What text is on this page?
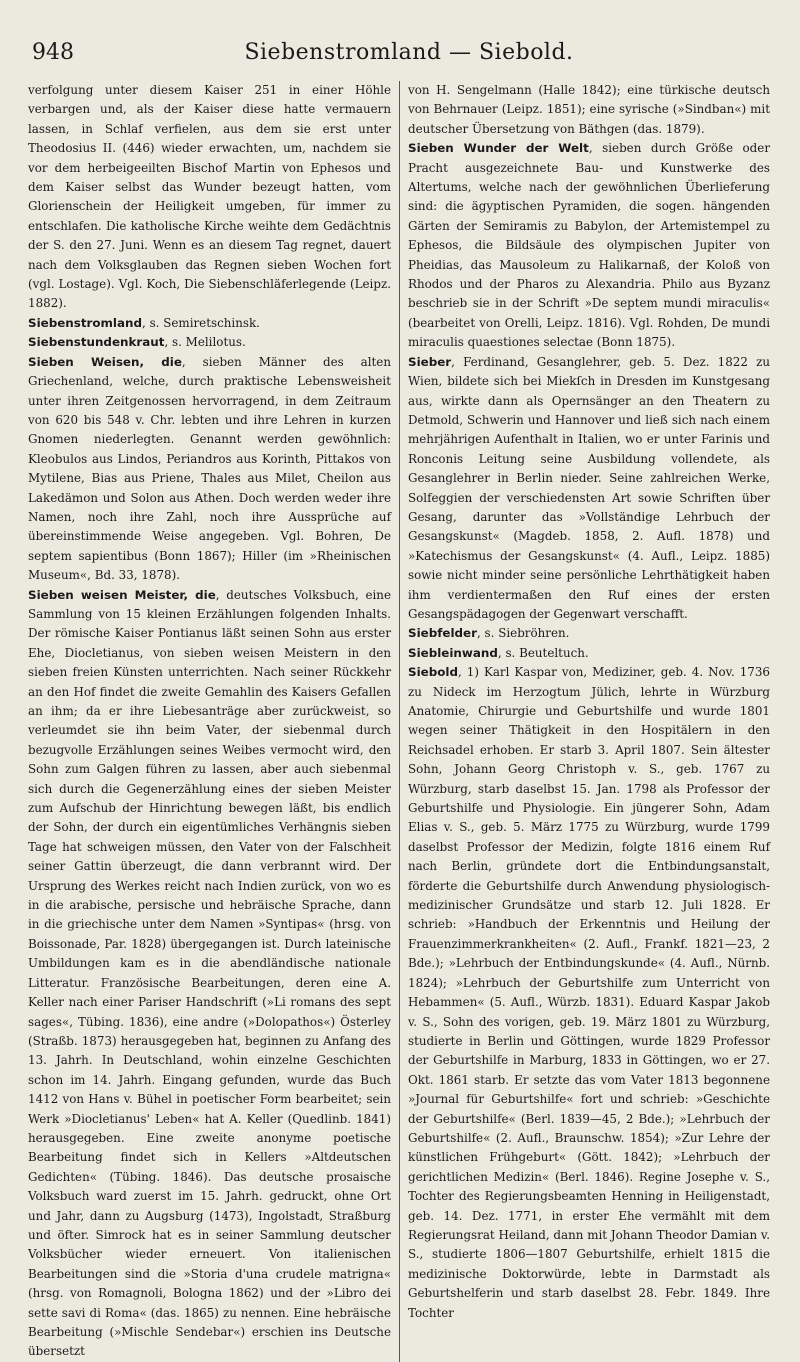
948	Siebenstromland — Siebold.

verfolgung unter diesem Kaiser 251 in einer Höhle verbargen und, als der Kaiser diese hatte vermauern lassen, in Schlaf verfielen, aus dem sie erst unter Theodosius II. (446) wieder erwachten, um, nachdem sie vor dem herbeigeeilten Bischof Martin von Ephesos und dem Kaiser selbst das Wunder bezeugt hatten, vom Glorienschein der Heiligkeit umgeben, für immer zu entschlafen. Die katholische Kirche weihte dem Gedächtnis der S. den 27. Juni. Wenn es an diesem Tag regnet, dauert nach dem Volksglauben das Regnen sieben Wochen fort (vgl. Lostage). Vgl. Koch, Die Siebenschläferlegende (Leipz. 1882).

Siebenstromland, s. Semiretschinsk.

Siebenstundenkraut, s. Melilotus.

Sieben Weisen, die, sieben Männer des alten Griechenland, welche, durch praktische Lebensweisheit unter ihren Zeitgenossen hervorragend, in dem Zeitraum von 620 bis 548 v. Chr. lebten und ihre Lehren in kurzen Gnomen niederlegten. Genannt werden gewöhnlich: Kleobulos aus Lindos, Periandros aus Korinth, Pittakos von Mytilene, Bias aus Priene, Thales aus Milet, Cheilon aus Lakedämon und Solon aus Athen. Doch werden weder ihre Namen, noch ihre Zahl, noch ihre Aussprüche auf übereinstimmende Weise angegeben. Vgl. Bohren, De septem sapientibus (Bonn 1867); Hiller (im »Rheinischen Museum«, Bd. 33, 1878).

Sieben weisen Meister, die, deutsches Volksbuch, eine Sammlung von 15 kleinen Erzählungen folgenden Inhalts. Der römische Kaiser Pontianus läßt seinen Sohn aus erster Ehe, Diocletianus, von sieben weisen Meistern in den sieben freien Künsten unterrichten. Nach seiner Rückkehr an den Hof findet die zweite Gemahlin des Kaisers Gefallen an ihm; da er ihre Liebesanträge aber zurückweist, so verleumdet sie ihn beim Vater, der siebenmal durch bezugvolle Erzählungen seines Weibes vermocht wird, den Sohn zum Galgen führen zu lassen, aber auch siebenmal sich durch die Gegenerzählung eines der sieben Meister zum Aufschub der Hinrichtung bewegen läßt, bis endlich der Sohn, der durch ein eigentümliches Verhängnis sieben Tage hat schweigen müssen, den Vater von der Falschheit seiner Gattin überzeugt, die dann verbrannt wird. Der Ursprung des Werkes reicht nach Indien zurück, von wo es in die arabische, persische und hebräische Sprache, dann in die griechische unter dem Namen »Syntipas« (hrsg. von Boissonade, Par. 1828) übergegangen ist. Durch lateinische Umbildungen kam es in die abendländische nationale Litteratur. Französische Bearbeitungen, deren eine A. Keller nach einer Pariser Handschrift (»Li romans des sept sages«, Tübing. 1836), eine andre (»Dolopathos«) Österley (Straßb. 1873) herausgegeben hat, beginnen zu Anfang des 13. Jahrh. In Deutschland, wohin einzelne Geschichten schon im 14. Jahrh. Eingang gefunden, wurde das Buch 1412 von Hans v. Bühel in poetischer Form bearbeitet; sein Werk »Diocletianus' Leben« hat A. Keller (Quedlinb. 1841) herausgegeben. Eine zweite anonyme poetische Bearbeitung findet sich in Kellers »Altdeutschen Gedichten« (Tübing. 1846). Das deutsche prosaische Volksbuch ward zuerst im 15. Jahrh. gedruckt, ohne Ort und Jahr, dann zu Augsburg (1473), Ingolstadt, Straßburg und öfter. Simrock hat es in seiner Sammlung deutscher Volksbücher wieder erneuert. Von italienischen Bearbeitungen sind die »Storia d'una crudele matrigna« (hrsg. von Romagnoli, Bologna 1862) und der »Libro dei sette savi di Roma« (das. 1865) zu nennen. Eine hebräische Bearbeitung (»Mischle Sendebar«) erschien ins Deutsche übersetzt

von H. Sengelmann (Halle 1842); eine türkische deutsch von Behrnauer (Leipz. 1851); eine syrische (»Sindban«) mit deutscher Übersetzung von Bäthgen (das. 1879).

Sieben Wunder der Welt, sieben durch Größe oder Pracht ausgezeichnete Bau- und Kunstwerke des Altertums, welche nach der gewöhnlichen Überlieferung sind: die ägyptischen Pyramiden, die sogen. hängenden Gärten der Semiramis zu Babylon, der Artemistempel zu Ephesos, die Bildsäule des olympischen Jupiter von Pheidias, das Mausoleum zu Halikarnaß, der Koloß von Rhodos und der Pharos zu Alexandria. Philo aus Byzanz beschrieb sie in der Schrift »De septem mundi miraculis« (bearbeitet von Orelli, Leipz. 1816). Vgl. Rohden, De mundi miraculis quaestiones selectae (Bonn 1875).

Sieber, Ferdinand, Gesanglehrer, geb. 5. Dez. 1822 zu Wien, bildete sich bei Miekſch in Dresden im Kunstgesang aus, wirkte dann als Opernsänger an den Theatern zu Detmold, Schwerin und Hannover und ließ sich nach einem mehrjährigen Aufenthalt in Italien, wo er unter Farinis und Ronconis Leitung seine Ausbildung vollendete, als Gesanglehrer in Berlin nieder. Seine zahlreichen Werke, Solfeggien der verschiedensten Art sowie Schriften über Gesang, darunter das »Vollständige Lehrbuch der Gesangskunst« (Magdeb. 1858, 2. Aufl. 1878) und »Katechismus der Gesangskunst« (4. Aufl., Leipz. 1885) sowie nicht minder seine persönliche Lehrthätigkeit haben ihm verdientermaßen den Ruf eines der ersten Gesangspädagogen der Gegenwart verschafft.

Siebfelder, s. Siebröhren.

Siebleinwand, s. Beuteltuch.

Siebold, 1) Karl Kaspar von, Mediziner, geb. 4. Nov. 1736 zu Nideck im Herzogtum Jülich, lehrte in Würzburg Anatomie, Chirurgie und Geburtshilfe und wurde 1801 wegen seiner Thätigkeit in den Hospitälern in den Reichsadel erhoben. Er starb 3. April 1807. Sein ältester Sohn, Johann Georg Christoph v. S., geb. 1767 zu Würzburg, starb daselbst 15. Jan. 1798 als Professor der Geburtshilfe und Physiologie. Ein jüngerer Sohn, Adam Elias v. S., geb. 5. März 1775 zu Würzburg, wurde 1799 daselbst Professor der Medizin, folgte 1816 einem Ruf nach Berlin, gründete dort die Entbindungsanstalt, förderte die Geburtshilfe durch Anwendung physiologisch-medizinischer Grundsätze und starb 12. Juli 1828. Er schrieb: »Handbuch der Erkenntnis und Heilung der Frauenzimmerkrankheiten« (2. Aufl., Frankf. 1821—23, 2 Bde.); »Lehrbuch der Entbindungskunde« (4. Aufl., Nürnb. 1824); »Lehrbuch der Geburtshilfe zum Unterricht von Hebammen« (5. Aufl., Würzb. 1831). Eduard Kaspar Jakob v. S., Sohn des vorigen, geb. 19. März 1801 zu Würzburg, studierte in Berlin und Göttingen, wurde 1829 Professor der Geburtshilfe in Marburg, 1833 in Göttingen, wo er 27. Okt. 1861 starb. Er setzte das vom Vater 1813 begonnene »Journal für Geburtshilfe« fort und schrieb: »Geschichte der Geburtshilfe« (Berl. 1839—45, 2 Bde.); »Lehrbuch der Geburtshilfe« (2. Aufl., Braunschw. 1854); »Zur Lehre der künstlichen Frühgeburt« (Gött. 1842); »Lehrbuch der gerichtlichen Medizin« (Berl. 1846). Regine Josephe v. S., Tochter des Regierungsbeamten Henning in Heiligenstadt, geb. 14. Dez. 1771, in erster Ehe vermählt mit dem Regierungsrat Heiland, dann mit Johann Theodor Damian v. S., studierte 1806—1807 Geburtshilfe, erhielt 1815 die medizinische Doktorwürde, lebte in Darmstadt als Geburtshelferin und starb daselbst 28. Febr. 1849. Ihre Tochter
